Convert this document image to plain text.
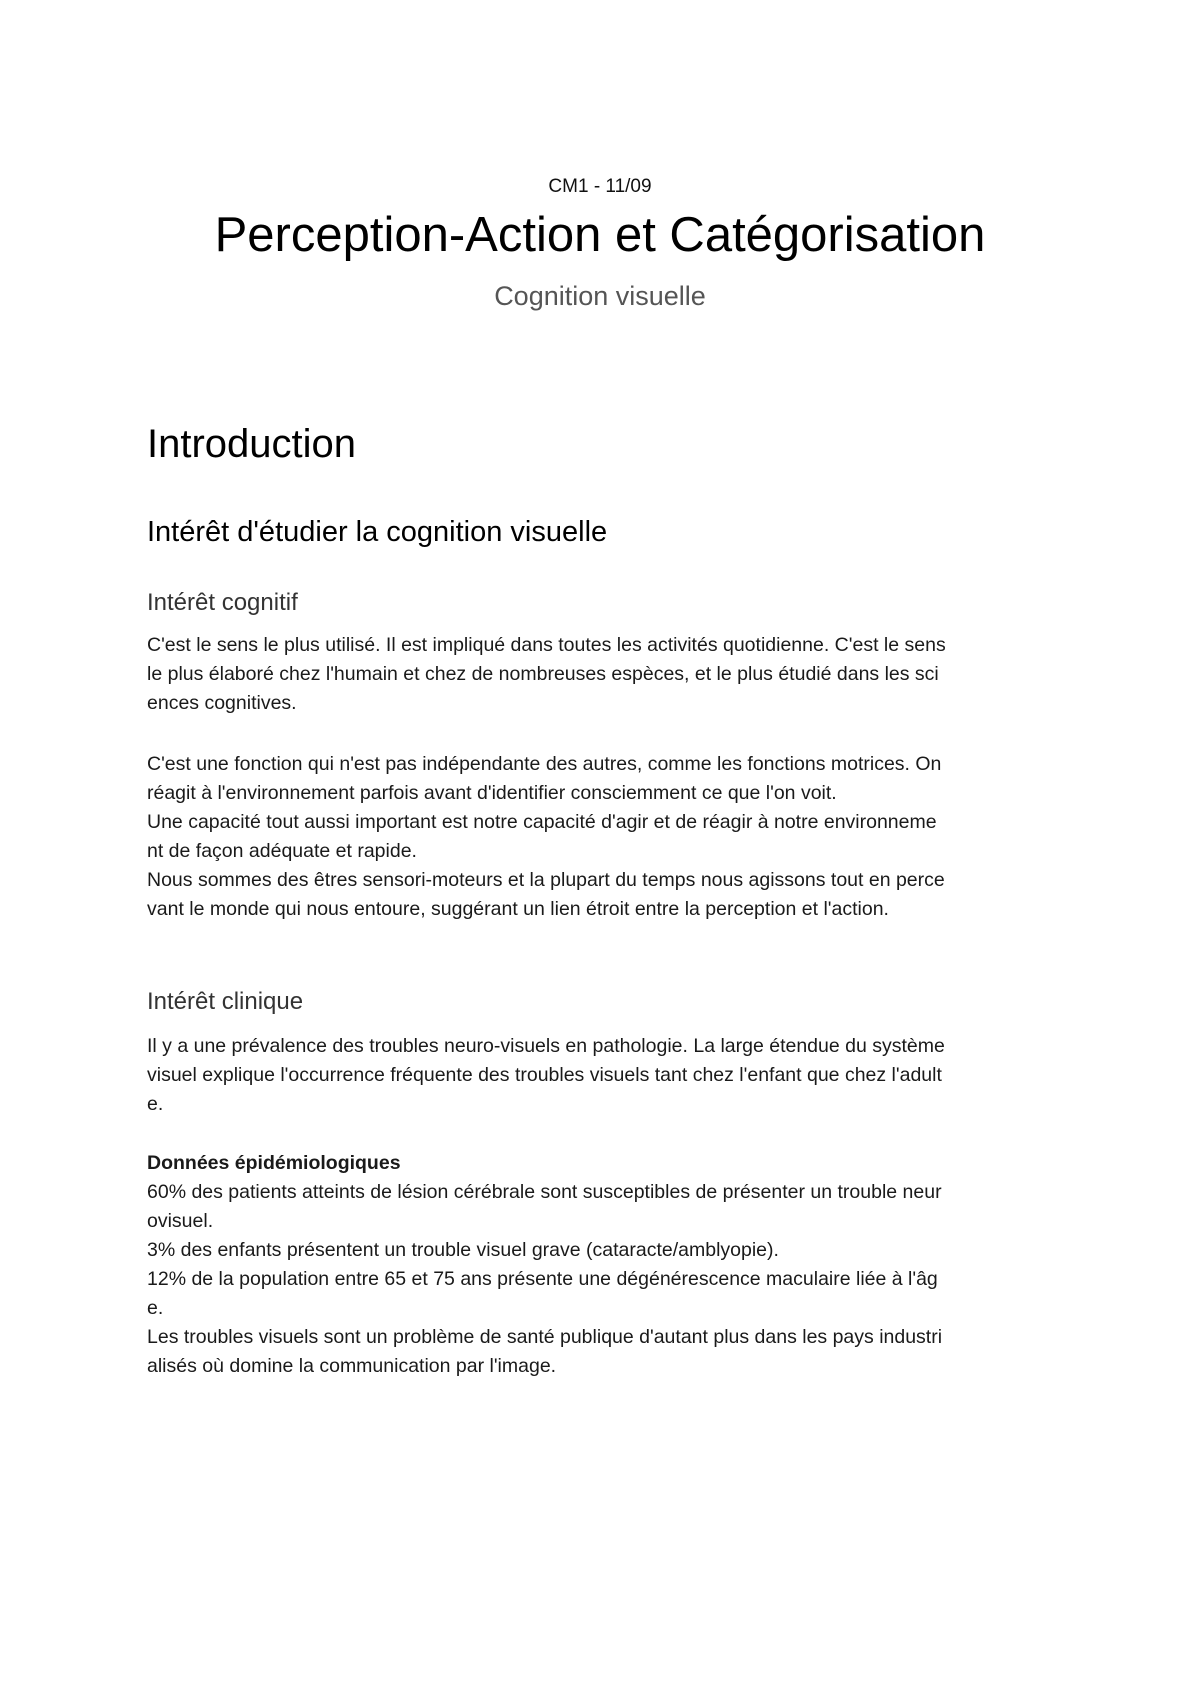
CM1 - 11/09
Perception-Action et Catégorisation
Cognition visuelle
Introduction
Intérêt d'étudier la cognition visuelle
Intérêt cognitif
C'est le sens le plus utilisé. Il est impliqué dans toutes les activités quotidienne. C'est le sens
le plus élaboré chez l'humain et chez de nombreuses espèces, et le plus étudié dans les sci
ences cognitives.
C'est une fonction qui n'est pas indépendante des autres, comme les fonctions motrices. On
réagit à l'environnement parfois avant d'identifier consciemment ce que l'on voit.
Une capacité tout aussi important est notre capacité d'agir et de réagir à notre environneme
nt de façon adéquate et rapide.
Nous sommes des êtres sensori-moteurs et la plupart du temps nous agissons tout en perce
vant le monde qui nous entoure, suggérant un lien étroit entre la perception et l'action.
Intérêt clinique
Il y a une prévalence des troubles neuro-visuels en pathologie. La large étendue du système
visuel explique l'occurrence fréquente des troubles visuels tant chez l'enfant que chez l'adult
e.
Données épidémiologiques
60% des patients atteints de lésion cérébrale sont susceptibles de présenter un trouble neur
ovisuel.
3% des enfants présentent un trouble visuel grave (cataracte/amblyopie).
12% de la population entre 65 et 75 ans présente une dégénérescence maculaire liée à l'âg
e.
Les troubles visuels sont un problème de santé publique d'autant plus dans les pays industri
alisés où domine la communication par l'image.
